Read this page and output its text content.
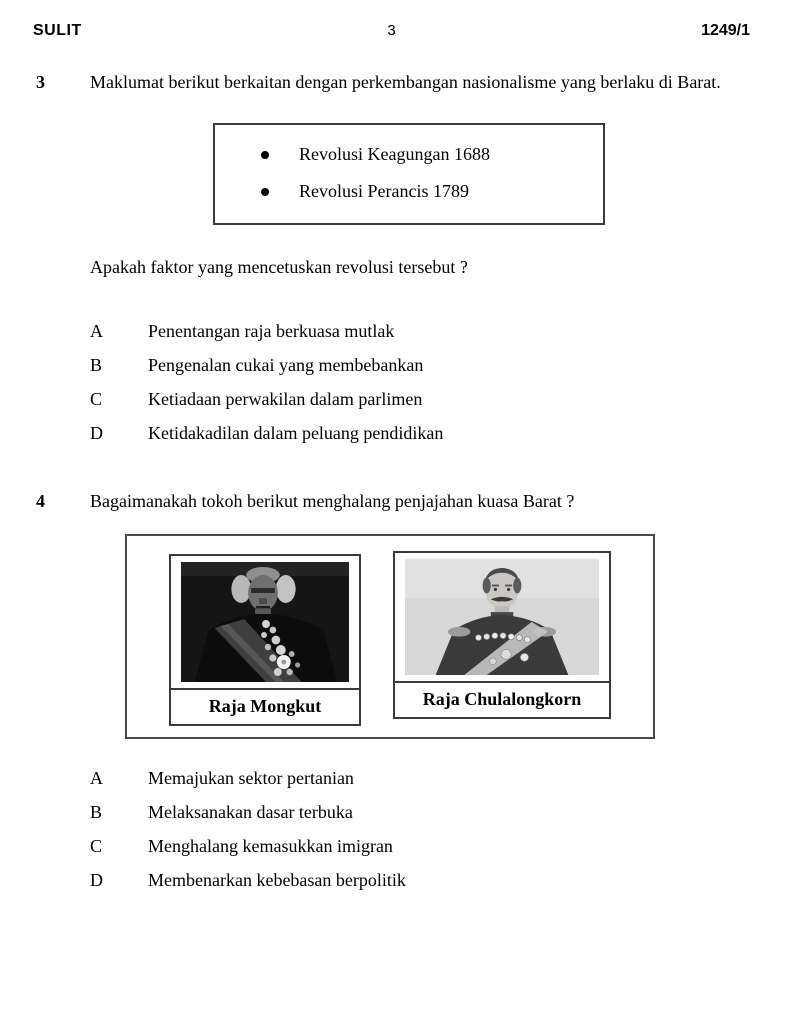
SULIT	3	1249/1
3	Maklumat berikut berkaitan dengan perkembangan nasionalisme yang berlaku di Barat.

Revolusi Keagungan 1688
Revolusi Perancis 1789

Apakah faktor yang mencetuskan revolusi tersebut ?

A	Penentangan raja berkuasa mutlak
B	Pengenalan cukai yang membebankan
C	Ketiadaan perwakilan dalam parlimen
D	Ketidakadilan dalam peluang pendidikan
4	Bagaimanakah tokoh berikut menghalang penjajahan kuasa Barat ?

Raja Mongkut	Raja Chulalongkorn
A	Memajukan sektor pertanian
B	Melaksanakan dasar terbuka
C	Menghalang kemasukkan imigran
D	Membenarkan kebebasan berpolitik
